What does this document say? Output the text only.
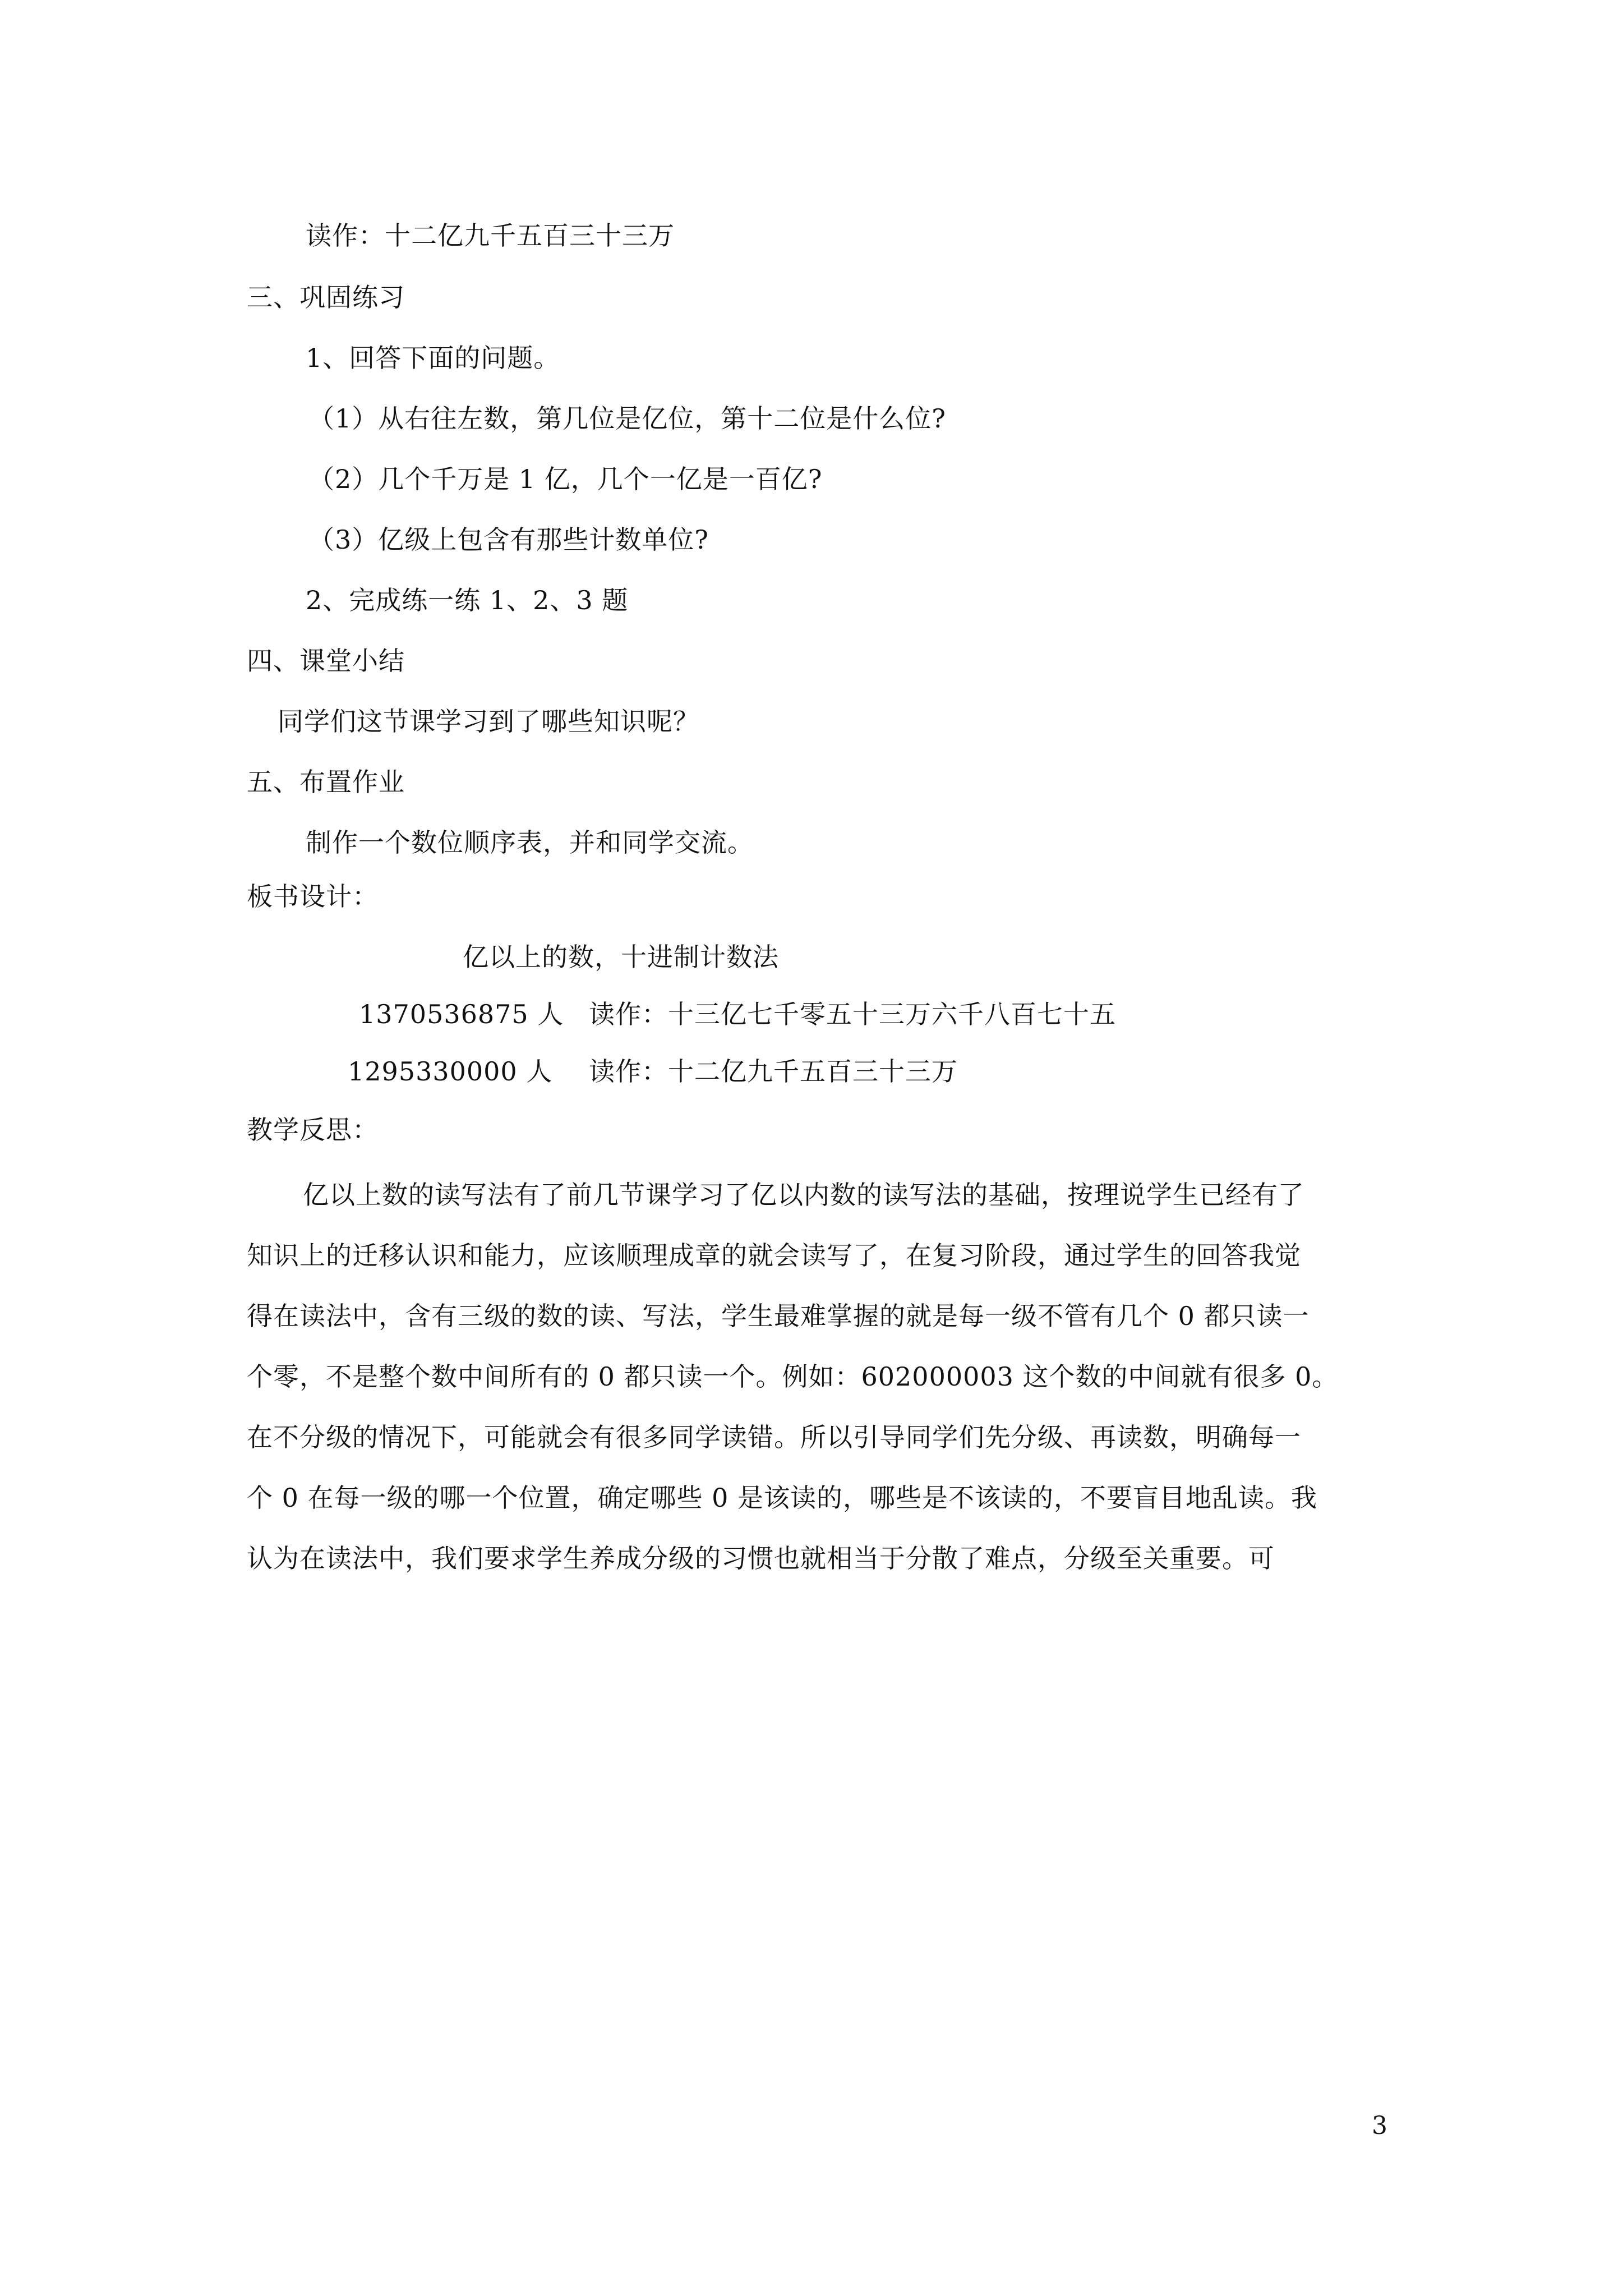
读作：十二亿九千五百三十三万
三、巩固练习
1、回答下面的问题。
（1）从右往左数，第几位是亿位，第十二位是什么位?
（2）几个千万是 1 亿，几个一亿是一百亿?
（3）亿级上包含有那些计数单位?
2、完成练一练 1、2、3 题
四、课堂小结
同学们这节课学习到了哪些知识呢？
五、布置作业
制作一个数位顺序表，并和同学交流。
板书设计：
亿以上的数，十进制计数法
1370536875 人 读作：十三亿七千零五十三万六千八百七十五
1295330000 人 读作：十二亿九千五百三十三万
教学反思：

亿以上数的读写法有了前几节课学习了亿以内数的读写法的基础，按理说学生已经有了

知识上的迁移认识和能力，应该顺理成章的就会读写了，在复习阶段，通过学生的回答我觉

得在读法中，含有三级的数的读、写法，学生最难掌握的就是每一级不管有几个 0 都只读一

个零，不是整个数中间所有的 0 都只读一个。例如：602000003 这个数的中间就有很多 0。

在不分级的情况下，可能就会有很多同学读错。所以引导同学们先分级、再读数，明确每一

个 0 在每一级的哪一个位置，确定哪些 0 是该读的，哪些是不该读的，不要盲目地乱读。我

认为在读法中，我们要求学生养成分级的习惯也就相当于分散了难点，分级至关重要。可

3
